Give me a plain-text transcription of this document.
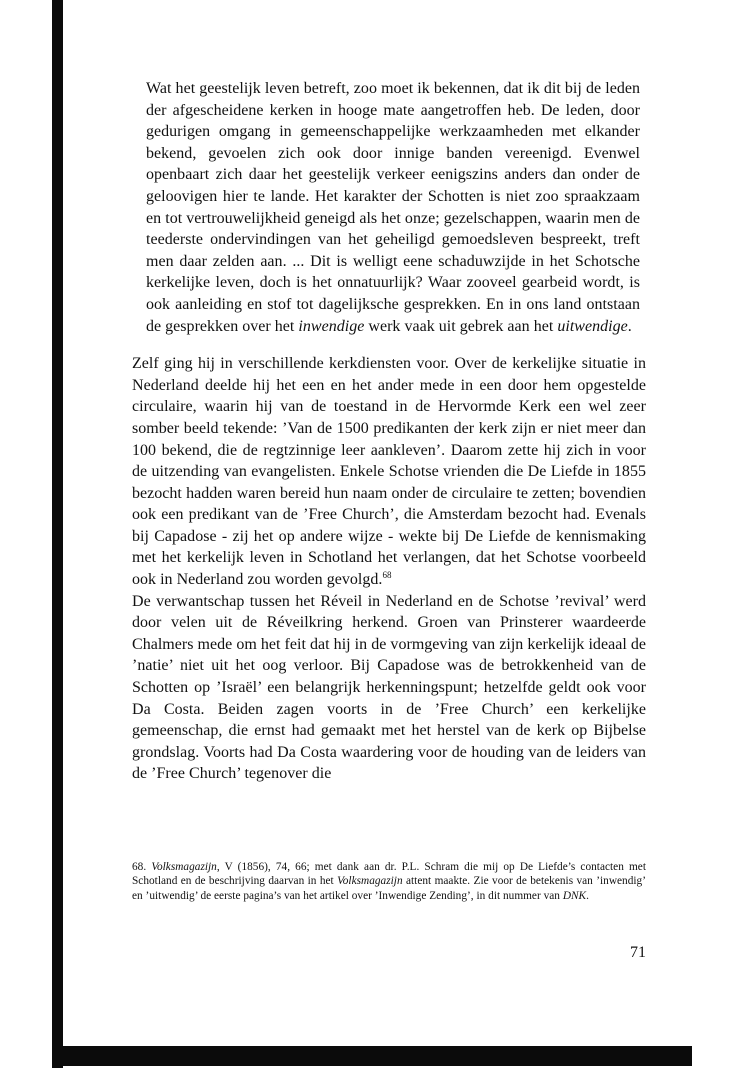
Wat het geestelijk leven betreft, zoo moet ik bekennen, dat ik dit bij de leden der afgescheidene kerken in hooge mate aangetroffen heb. De leden, door gedurigen omgang in gemeenschappelijke werkzaamheden met elkander bekend, gevoelen zich ook door innige banden vereenigd. Evenwel openbaart zich daar het geestelijk verkeer eenigszins anders dan onder de geloovigen hier te lande. Het karakter der Schotten is niet zoo spraakzaam en tot vertrouwelijkheid geneigd als het onze; gezelschappen, waarin men de teederste ondervindingen van het geheiligd gemoedsleven bespreekt, treft men daar zelden aan. ... Dit is welligt eene schaduwzijde in het Schotsche kerkelijke leven, doch is het onnatuurlijk? Waar zooveel gearbeid wordt, is ook aanleiding en stof tot dagelijksche gesprekken. En in ons land ontstaan de gesprekken over het inwendige werk vaak uit gebrek aan het uitwendige.

Zelf ging hij in verschillende kerkdiensten voor. Over de kerkelijke situatie in Nederland deelde hij het een en het ander mede in een door hem opgestelde circulaire, waarin hij van de toestand in de Hervormde Kerk een wel zeer somber beeld tekende: ’Van de 1500 predikanten der kerk zijn er niet meer dan 100 bekend, die de regtzinnige leer aankleven’. Daarom zette hij zich in voor de uitzending van evangelisten. Enkele Schotse vrienden die De Liefde in 1855 bezocht hadden waren bereid hun naam onder de circulaire te zetten; bovendien ook een predikant van de ’Free Church’, die Amsterdam bezocht had. Evenals bij Capadose - zij het op andere wijze - wekte bij De Liefde de kennismaking met het kerkelijk leven in Schotland het verlangen, dat het Schotse voorbeeld ook in Nederland zou worden gevolgd.$^{68}$

De verwantschap tussen het Réveil in Nederland en de Schotse ’revival’ werd door velen uit de Réveilkring herkend. Groen van Prinsterer waardeerde Chalmers mede om het feit dat hij in de vormgeving van zijn kerkelijk ideaal de ’natie’ niet uit het oog verloor. Bij Capadose was de betrokkenheid van de Schotten op ’Israël’ een belangrijk herkenningspunt; hetzelfde geldt ook voor Da Costa. Beiden zagen voorts in de ’Free Church’ een kerkelijke gemeenschap, die ernst had gemaakt met het herstel van de kerk op Bijbelse grondslag. Voorts had Da Costa waardering voor de houding van de leiders van de ’Free Church’ tegenover die

68. Volksmagazijn, V (1856), 74, 66; met dank aan dr. P.L. Schram die mij op De Liefde’s contacten met Schotland en de beschrijving daarvan in het Volksmagazijn attent maakte. Zie voor de betekenis van ’inwendig’ en ’uitwendig’ de eerste pagina’s van het artikel over ’Inwendige Zending’, in dit nummer van DNK.

71
